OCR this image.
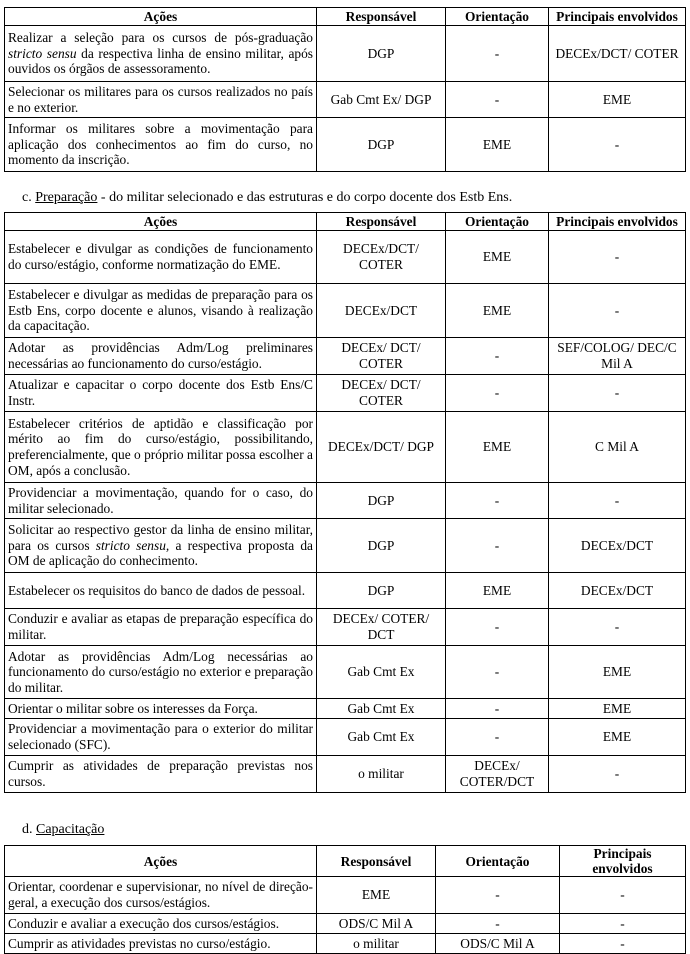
Ações	Responsável	Orientação	Principais envolvidos
Realizar a seleção para os cursos de pós-graduação stricto sensu da respectiva linha de ensino militar, após ouvidos os órgãos de assessoramento.	DGP	-	DECEx/DCT/ COTER
Selecionar os militares para os cursos realizados no país e no exterior.	Gab Cmt Ex/ DGP	-	EME
Informar os militares sobre a movimentação para aplicação dos conhecimentos ao fim do curso, no momento da inscrição.	DGP	EME	-
c. Preparação - do militar selecionado e das estruturas e do corpo docente dos Estb Ens.
Ações	Responsável	Orientação	Principais envolvidos
Estabelecer e divulgar as condições de funcionamento do curso/estágio, conforme normatização do EME.	DECEx/DCT/ COTER	EME	-
Estabelecer e divulgar as medidas de preparação para os Estb Ens, corpo docente e alunos, visando à realização da capacitação.	DECEx/DCT	EME	-
Adotar as providências Adm/Log preliminares necessárias ao funcionamento do curso/estágio.	DECEx/ DCT/ COTER	-	SEF/COLOG/ DEC/C Mil A
Atualizar e capacitar o corpo docente dos Estb Ens/C Instr.	DECEx/ DCT/ COTER	-	-
Estabelecer critérios de aptidão e classificação por mérito ao fim do curso/estágio, possibilitando, preferencialmente, que o próprio militar possa escolher a OM, após a conclusão.	DECEx/DCT/ DGP	EME	C Mil A
Providenciar a movimentação, quando for o caso, do militar selecionado.	DGP	-	-
Solicitar ao respectivo gestor da linha de ensino militar, para os cursos stricto sensu, a respectiva proposta da OM de aplicação do conhecimento.	DGP	-	DECEx/DCT
Estabelecer os requisitos do banco de dados de pessoal.	DGP	EME	DECEx/DCT
Conduzir e avaliar as etapas de preparação específica do militar.	DECEx/ COTER/ DCT	-	-
Adotar as providências Adm/Log necessárias ao funcionamento do curso/estágio no exterior e preparação do militar.	Gab Cmt Ex	-	EME
Orientar o militar sobre os interesses da Força.	Gab Cmt Ex	-	EME
Providenciar a movimentação para o exterior do militar selecionado (SFC).	Gab Cmt Ex	-	EME
Cumprir as atividades de preparação previstas nos cursos.	o militar	DECEx/ COTER/DCT	-
d. Capacitação
Ações	Responsável	Orientação	Principais envolvidos
Orientar, coordenar e supervisionar, no nível de direção-geral, a execução dos cursos/estágios.	EME	-	-
Conduzir e avaliar a execução dos cursos/estágios.	ODS/C Mil A	-	-
Cumprir as atividades previstas no curso/estágio.	o militar	ODS/C Mil A	-
